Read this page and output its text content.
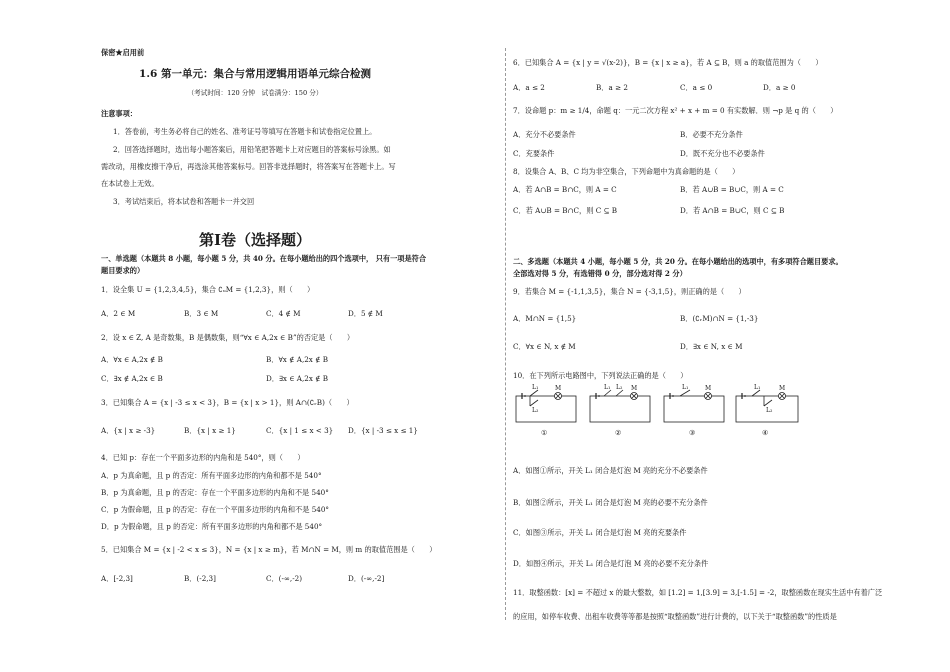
保密★启用前
1.6 第一单元：集合与常用逻辑用语单元综合检测
（考试时间：120 分钟　试卷满分：150 分）
注意事项：
1．答卷前，考生务必将自己的姓名、准考证号等填写在答题卡和试卷指定位置上。
2．回答选择题时，选出每小题答案后，用铅笔把答题卡上对应题目的答案标号涂黑。如
需改动，用橡皮擦干净后，再选涂其他答案标号。回答非选择题时，将答案写在答题卡上。写
在本试卷上无效。
3．考试结束后，将本试卷和答题卡一并交回
第Ⅰ卷（选择题）
一、单选题（本题共 8 小题，每小题 5 分，共 40 分。在每小题给出的四个选项中， 只有一项是符合
题目要求的）
1．设全集 U = {1,2,3,4,5}，集合 ∁ᵤM = {1,2,3}，则（　　）
A．2 ∈ M	B．3 ∈ M	C．4 ∉ M	D．5 ∉ M
2．设 x ∈ Z, A 是奇数集，B 是偶数集，则“∀x ∈ A,2x ∈ B”的否定是（　　）
A．∀x ∈ A,2x ∉ B	B．∀x ∉ A,2x ∉ B
C．∃x ∉ A,2x ∈ B	D．∃x ∈ A,2x ∉ B
3．已知集合 A = {x | -3 ≤ x < 3}，B = {x | x > 1}，则 A∩(∁ᵣB)（　　）
A．{x | x ≥ -3}	B．{x | x ≥ 1}	C．{x | 1 ≤ x < 3} D．{x | -3 ≤ x ≤ 1}
4．已知 p：存在一个平面多边形的内角和是 540°，则（　　）
A．p 为真命题，且 p 的否定：所有平面多边形的内角和都不是 540°
B．p 为真命题，且 p 的否定：存在一个平面多边形的内角和不是 540°
C．p 为假命题，且 p 的否定：存在一个平面多边形的内角和不是 540°
D．p 为假命题，且 p 的否定：所有平面多边形的内角和都不是 540°
5．已知集合 M = {x | -2 < x ≤ 3}，N = {x | x ≥ m}，若 M∩N = M，则 m 的取值范围是（　　）
A．[-2,3]	B．(-2,3]	C．(-∞,-2)	D．(-∞,-2]
6．已知集合 A = {x | y = √(x-2)}，B = {x | x ≥ a}，若 A ⊆ B，则 a 的取值范围为（　　）
A．a ≤ 2	B．a ≥ 2	C．a ≤ 0	D．a ≥ 0
7．设命题 p：m ≥ 1/4，命题 q：一元二次方程 x² + x + m = 0 有实数解．则 ¬p 是 q 的（　　）
A．充分不必要条件	B．必要不充分条件
C．充要条件	D．既不充分也不必要条件
8．设集合 A、B、C 均为非空集合，下列命题中为真命题的是（　　）
A．若 A∩B = B∩C，则 A = C	B．若 A∪B = B∪C，则 A = C
C．若 A∪B = B∩C，则 C ⊆ B	D．若 A∩B = B∪C，则 C ⊆ B
二、多选题（本题共 4 小题，每小题 5 分，共 20 分。在每小题给出的选项中，有多项符合题目要求。
全部选对得 5 分，有选错得 0 分，部分选对得 2 分）
9．若集合 M = {-1,1,3,5}，集合 N = {-3,1,5}，则正确的是（　　）
A．M∩N = {1,5}	B．(∁ᵣM)∩N = {1,-3}
C．∀x ∈ N, x ∉ M	D．∃x ∈ N, x ∈ M
10．在下列所示电路图中，下列说法正确的是（　　）
L₁
L₂
M	L₁ L₂ M	L₁	M	L₁
L₂
M
①	②	③	④
A．如图①所示，开关 L₁ 闭合是灯泡 M 亮的充分不必要条件
B．如图②所示，开关 L₁ 闭合是灯泡 M 亮的必要不充分条件
C．如图③所示，开关 L₁ 闭合是灯泡 M 亮的充要条件
D．如图④所示，开关 L₁ 闭合是灯泡 M 亮的必要不充分条件
11．取整函数：[x] = 不超过 x 的最大整数，如 [1.2] = 1,[3.9] = 3,[-1.5] = -2，取整函数在现实生活中有着广泛
的应用，如停车收费、出租车收费等等都是按照“取整函数”进行计费的，以下关于“取整函数”的性质是
